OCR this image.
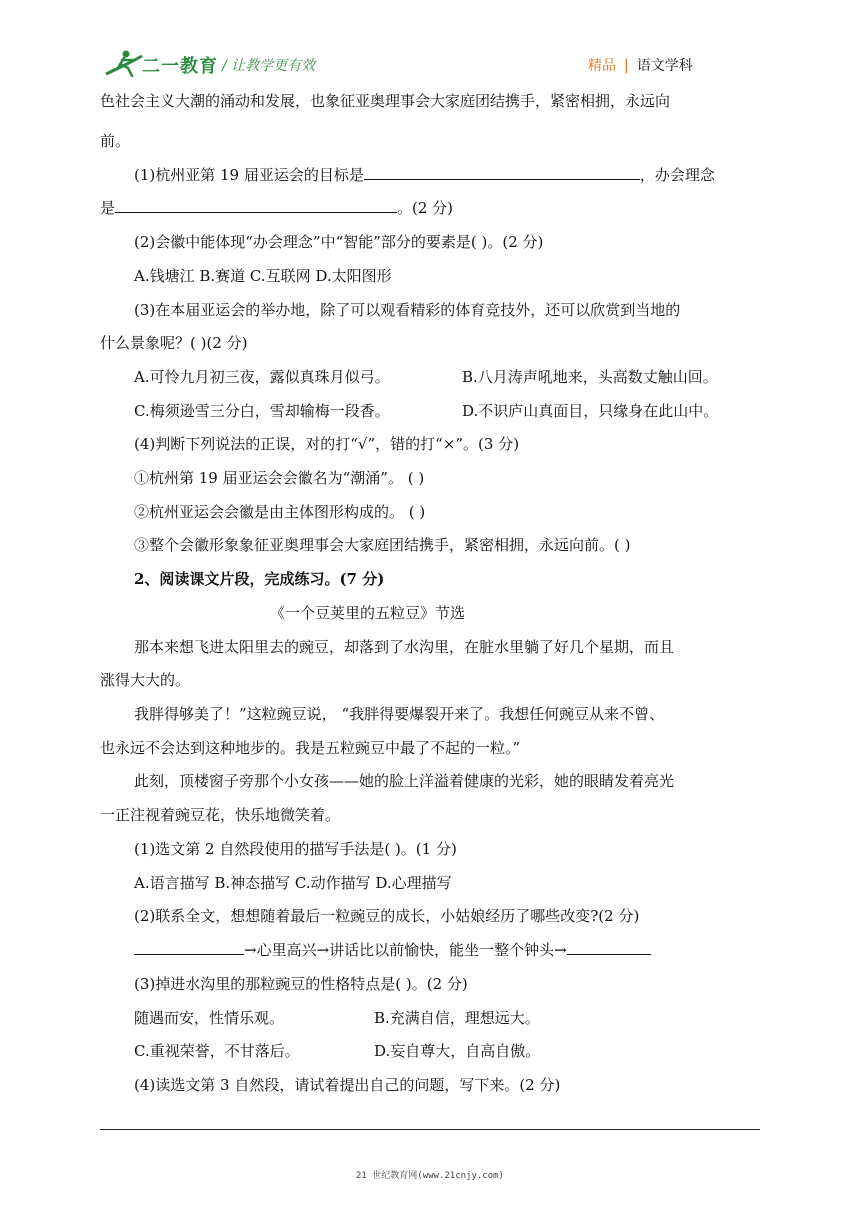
二一教育 / 让教学更有效	精品 | 语文学科
色社会主义大潮的涌动和发展，也象征亚奥理事会大家庭团结携手，紧密相拥，永远向
前。
(1)杭州亚第 19 届亚运会的目标是	，办会理念
是	。(2 分)
(2)会徽中能体现“办会理念”中“智能”部分的要素是( )。(2 分)
A.钱塘江 B.赛道 C.互联网 D.太阳图形
(3)在本届亚运会的举办地，除了可以观看精彩的体育竞技外，还可以欣赏到当地的
什么景象呢？( )(2 分)
A.可怜九月初三夜，露似真珠月似弓。	B.八月涛声吼地来，头高数丈触山回。
C.梅须逊雪三分白，雪却输梅一段香。	D.不识庐山真面目，只缘身在此山中。
(4)判断下列说法的正误，对的打“√”，错的打“×”。(3 分)
①杭州第 19 届亚运会会徽名为“潮涌”。 ( )
②杭州亚运会会徽是由主体图形构成的。 ( )
③整个会徽形象象征亚奥理事会大家庭团结携手，紧密相拥，永远向前。( )
2、阅读课文片段，完成练习。(7 分)
《一个豆荚里的五粒豆》节选
那本来想飞进太阳里去的豌豆，却落到了水沟里，在脏水里躺了好几个星期，而且
涨得大大的。
我胖得够美了！”这粒豌豆说， “我胖得要爆裂开来了。我想任何豌豆从来不曾、
也永远不会达到这种地步的。我是五粒豌豆中最了不起的一粒。”
此刻，顶楼窗子旁那个小女孩——她的脸上洋溢着健康的光彩，她的眼睛发着亮光
一正注视着豌豆花，快乐地微笑着。
(1)选文第 2 自然段使用的描写手法是( )。(1 分)
A.语言描写 B.神态描写 C.动作描写 D.心理描写
(2)联系全文，想想随着最后一粒豌豆的成长，小姑娘经历了哪些改变?(2 分)
→心里高兴→讲话比以前愉快，能坐一整个钟头→
(3)掉进水沟里的那粒豌豆的性格特点是( )。(2 分)
随遇而安，性情乐观。	B.充满自信，理想远大。
C.重视荣誉，不甘落后。	D.妄自尊大，自高自傲。
(4)读选文第 3 自然段，请试着提出自己的问题，写下来。(2 分)
21 世纪教育网(www.21cnjy.com)
